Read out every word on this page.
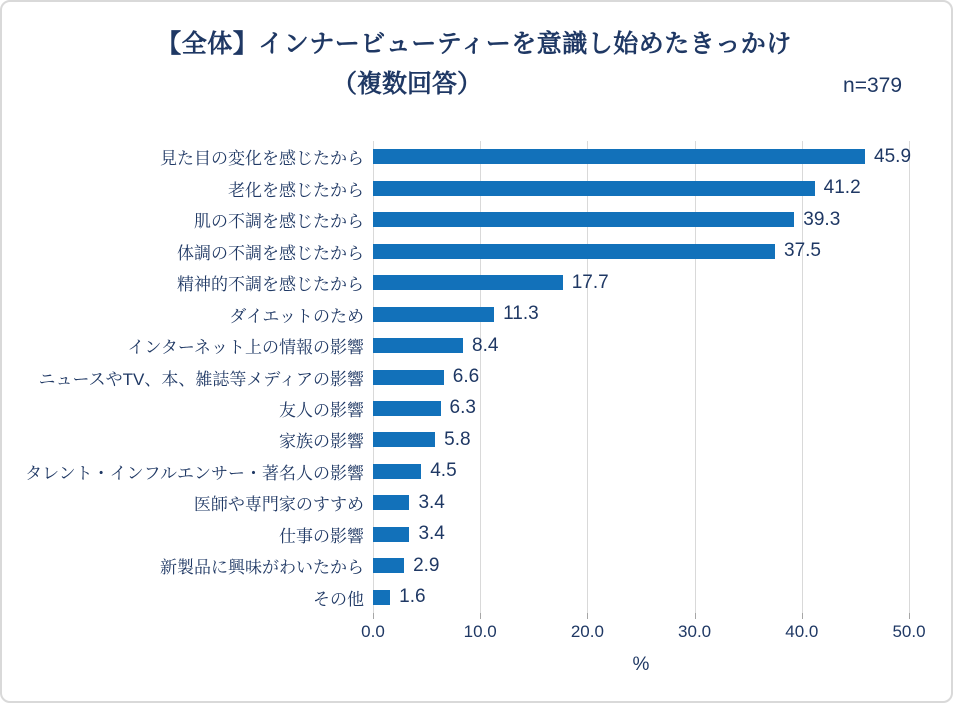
【全体】インナービューティーを意識し始めたきっかけ
（複数回答）	n=379
見た目の変化を感じたから	45.9
老化を感じたから	41.2
肌の不調を感じたから	39.3
体調の不調を感じたから	37.5
精神的不調を感じたから	17.7
ダイエットのため	11.3
インターネット上の情報の影響	8.4
ニュースやTV、本、雑誌等メディアの影響	6.6
友人の影響	6.3
家族の影響	5.8
タレント・インフルエンサー・著名人の影響	4.5
医師や専門家のすすめ	3.4
仕事の影響	3.4
新製品に興味がわいたから	2.9
その他	1.6
0.0	10.0	20.0	30.0	40.0	50.0
%
